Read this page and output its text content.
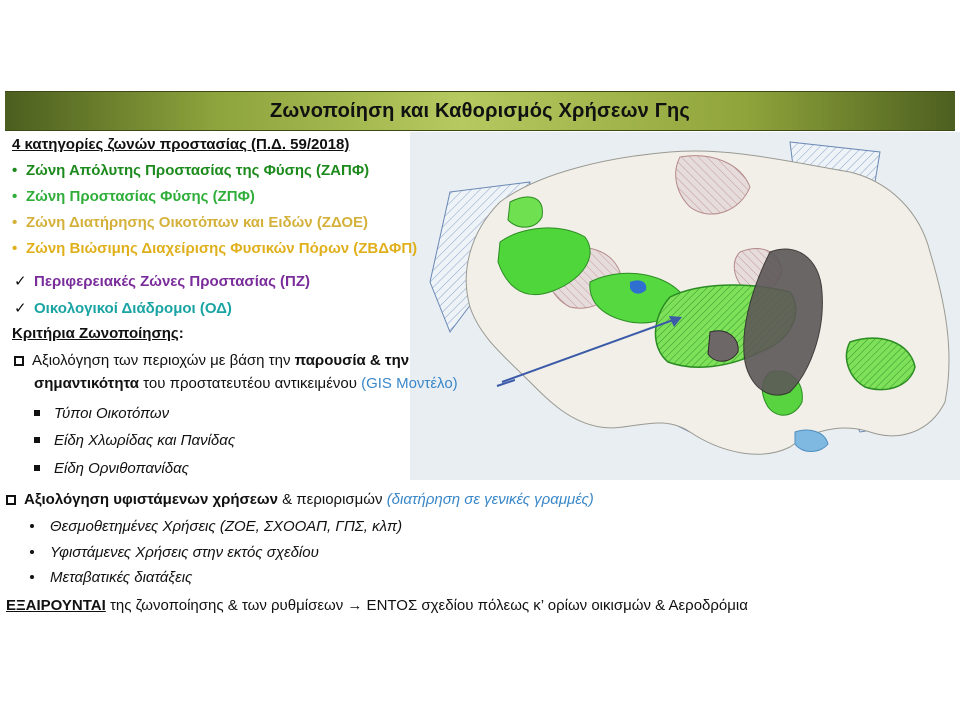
Ζωνοποίηση και Καθορισμός Χρήσεων Γης
4 κατηγορίες ζωνών προστασίας (Π.Δ. 59/2018)
• Ζώνη Απόλυτης Προστασίας της Φύσης (ΖΑΠΦ)
• Ζώνη Προστασίας Φύσης (ΖΠΦ)
• Ζώνη Διατήρησης Οικοτόπων και Ειδών (ΖΔΟΕ)
• Ζώνη Βιώσιμης Διαχείρισης Φυσικών Πόρων (ΖΒΔΦΠ)
✓ Περιφερειακές Ζώνες Προστασίας (ΠΖ)
✓ Οικολογικοί Διάδρομοι (ΟΔ)
Κριτήρια Ζωνοποίησης:
Αξιολόγηση των περιοχών με βάση την παρουσία & την
σημαντικότητα του προστατευτέου αντικειμένου (GIS Μοντέλο)
Τύποι Οικοτόπων
Είδη Χλωρίδας και Πανίδας
Είδη Ορνιθοπανίδας
Αξιολόγηση υφιστάμενων χρήσεων & περιορισμών (διατήρηση σε γενικές γραμμές)
Θεσμοθετημένες Χρήσεις (ΖΟΕ, ΣΧΟΟΑΠ, ΓΠΣ, κλπ)
Υφιστάμενες Χρήσεις στην εκτός σχεδίου
Μεταβατικές διατάξεις
ΕΞΑΙΡΟΥΝΤΑΙ της ζωνοποίησης & των ρυθμίσεων → ΕΝΤΟΣ σχεδίου πόλεως κ’ ορίων οικισμών & Αεροδρόμια
